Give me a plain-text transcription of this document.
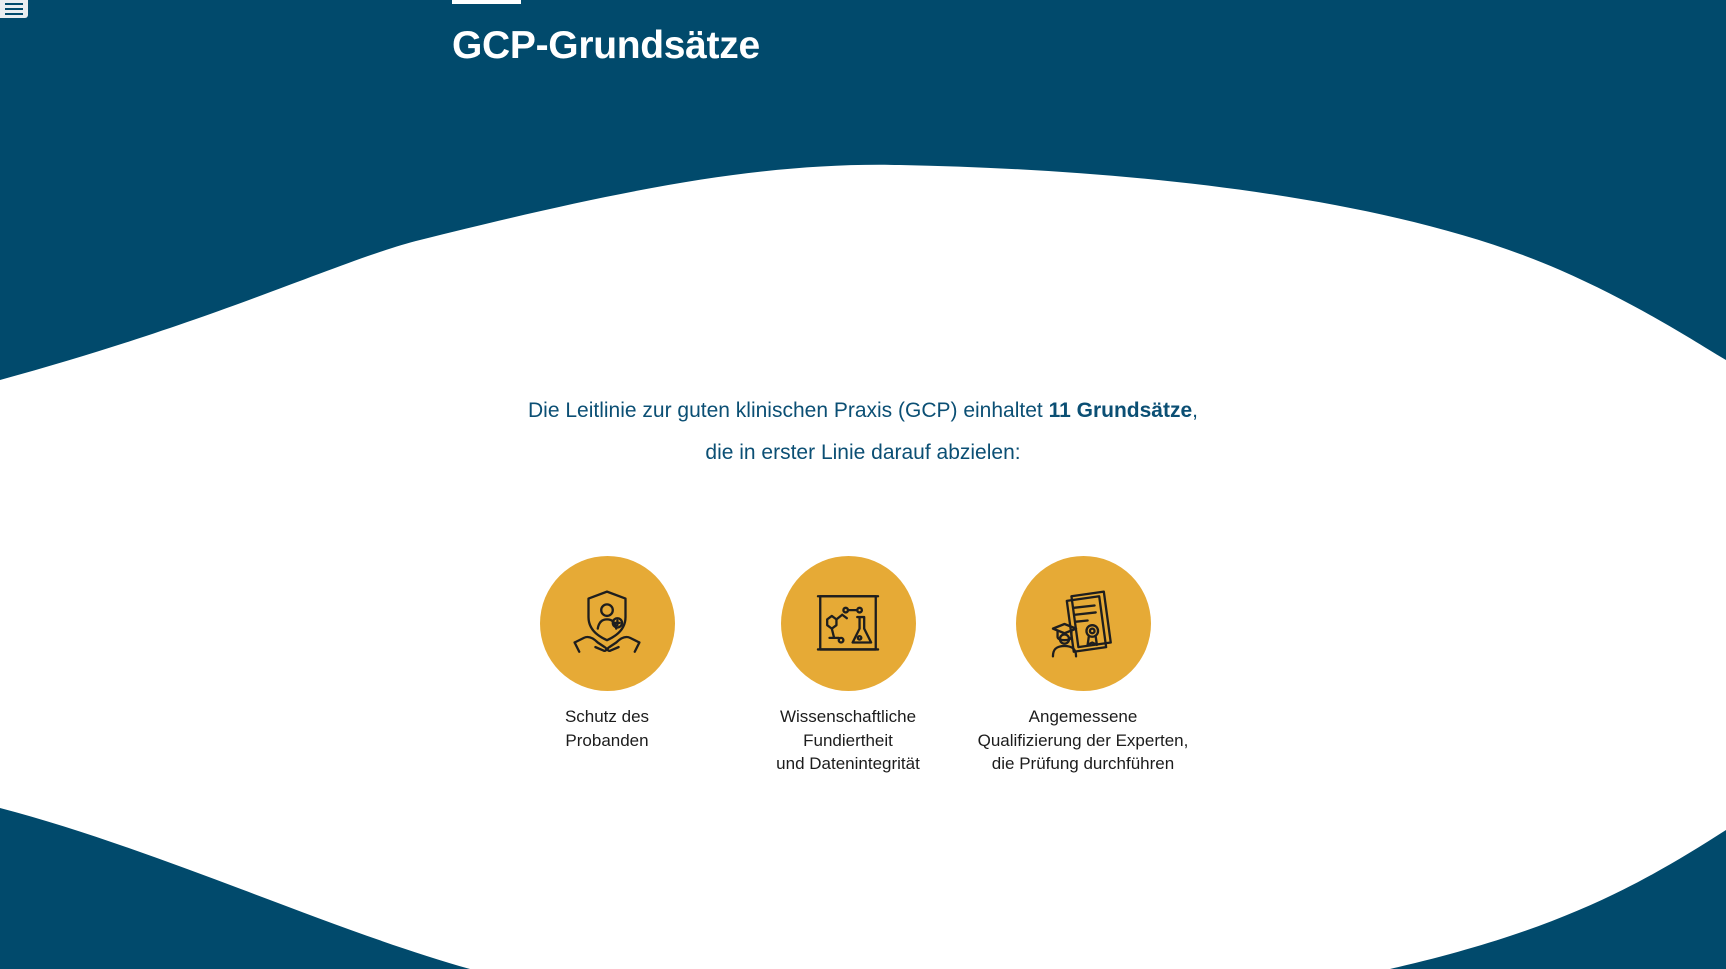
GCP-Grundsätze
Die Leitlinie zur guten klinischen Praxis (GCP) einhaltet 11 Grundsätze,
die in erster Linie darauf abzielen:
Schutz des
Probanden
Wissenschaftliche
Fundiertheit
und Datenintegrität
Angemessene
Qualifizierung der Experten,
die Prüfung durchführen
